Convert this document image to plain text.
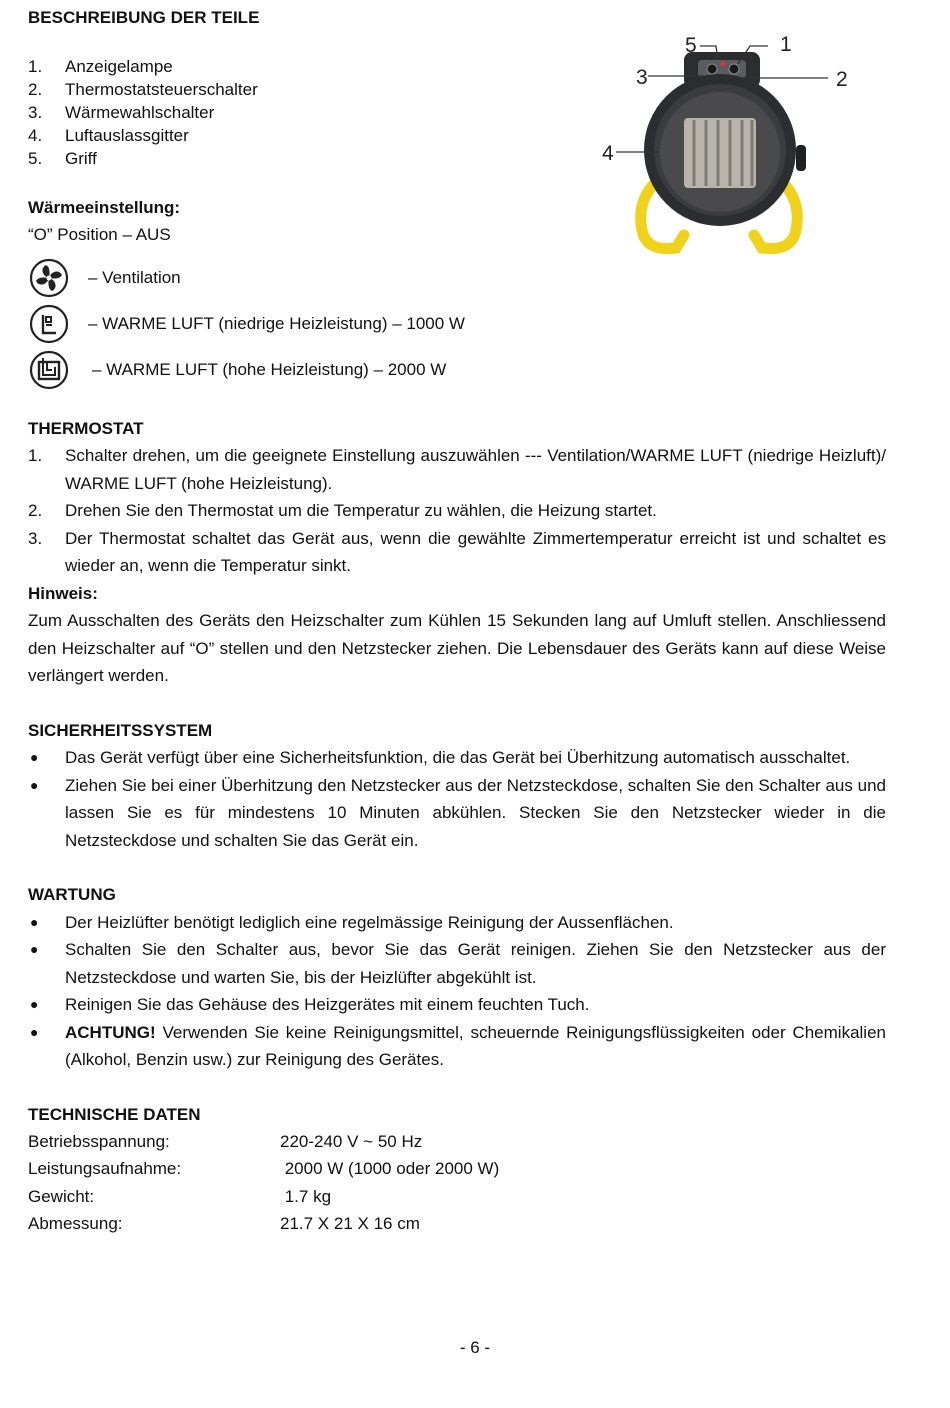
BESCHREIBUNG DER TEILE
1. Anzeigelampe
2. Thermostatsteuerschalter
3. Wärmewahlschalter
4. Luftauslassgitter
5. Griff
Wärmeeinstellung:
“O” Position – AUS
– Ventilation
– WARME LUFT (niedrige Heizleistung) – 1000 W
– WARME LUFT (hohe Heizleistung) – 2000 W
THERMOSTAT
1. Schalter drehen, um die geeignete Einstellung auszuwählen --- Ventilation/WARME LUFT (niedrige Heizluft)/ WARME LUFT (hohe Heizleistung).
2. Drehen Sie den Thermostat um die Temperatur zu wählen, die Heizung startet.
3. Der Thermostat schaltet das Gerät aus, wenn die gewählte Zimmertemperatur erreicht ist und schaltet es wieder an, wenn die Temperatur sinkt.
Hinweis:

Zum Ausschalten des Geräts den Heizschalter zum Kühlen 15 Sekunden lang auf Umluft stellen. Anschliessend den Heizschalter auf “O” stellen und den Netzstecker ziehen. Die Lebensdauer des Geräts kann auf diese Weise verlängert werden.

SICHERHEITSSYSTEM
● Das Gerät verfügt über eine Sicherheitsfunktion, die das Gerät bei Überhitzung automatisch ausschaltet.
● Ziehen Sie bei einer Überhitzung den Netzstecker aus der Netzsteckdose, schalten Sie den Schalter aus und lassen Sie es für mindestens 10 Minuten abkühlen. Stecken Sie den Netzstecker wieder in die Netzsteckdose und schalten Sie das Gerät ein.
WARTUNG
● Der Heizlüfter benötigt lediglich eine regelmässige Reinigung der Aussenflächen.
● Schalten Sie den Schalter aus, bevor Sie das Gerät reinigen. Ziehen Sie den Netzstecker aus der Netzsteckdose und warten Sie, bis der Heizlüfter abgekühlt ist.
● Reinigen Sie das Gehäuse des Heizgerätes mit einem feuchten Tuch.
● ACHTUNG! Verwenden Sie keine Reinigungsmittel, scheuernde Reinigungsflüssigkeiten oder Chemikalien (Alkohol, Benzin usw.) zur Reinigung des Gerätes.
TECHNISCHE DATEN
Betriebsspannung:	220-240 V ~ 50 Hz
Leistungsaufnahme:	2000 W (1000 oder 2000 W)
Gewicht:	1.7 kg
Abmessung:	21.7 X 21 X 16 cm
5	1
3	2
4
- 6 -
